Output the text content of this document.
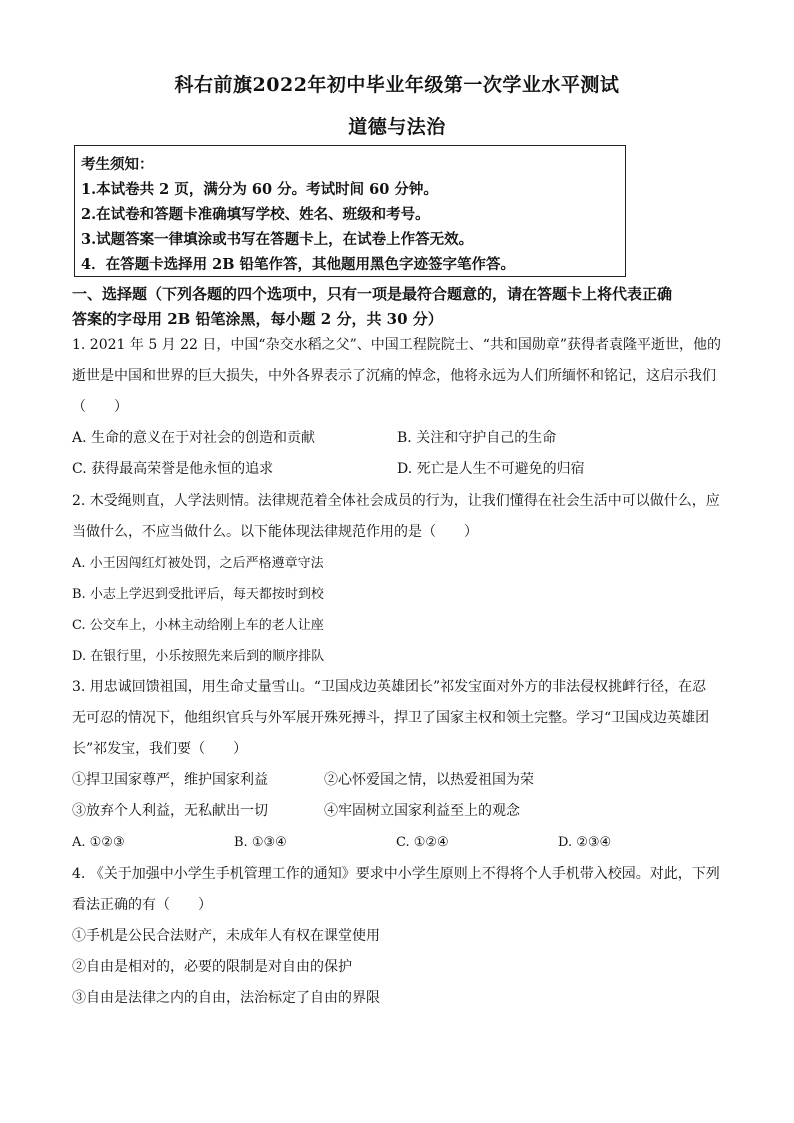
科右前旗2022年初中毕业年级第一次学业水平测试
道德与法治
考生须知：
1.本试卷共 2 页，满分为 60 分。考试时间 60 分钟。
2.在试卷和答题卡准确填写学校、姓名、班级和考号。
3.试题答案一律填涂或书写在答题卡上，在试卷上作答无效。
4．在答题卡选择用 2B 铅笔作答，其他题用黑色字迹签字笔作答。
一、选择题（下列各题的四个选项中，只有一项是最符合题意的，请在答题卡上将代表正确
答案的字母用 2B 铅笔涂黑，每小题 2 分，共 30 分）
1. 2021 年 5 月 22 日，中国“杂交水稻之父”、中国工程院院士、“共和国勋章”获得者袁隆平逝世，他的
逝世是中国和世界的巨大损失，中外各界表示了沉痛的悼念，他将永远为人们所缅怀和铭记，这启示我们
（　　）
A. 生命的意义在于对社会的创造和贡献	B. 关注和守护自己的生命
C. 获得最高荣誉是他永恒的追求	D. 死亡是人生不可避免的归宿
2. 木受绳则直，人学法则情。法律规范着全体社会成员的行为，让我们懂得在社会生活中可以做什么，应
当做什么，不应当做什么。以下能体现法律规范作用的是（　　）
A. 小王因闯红灯被处罚，之后严格遵章守法
B. 小志上学迟到受批评后，每天都按时到校
C. 公交车上，小林主动给刚上车的老人让座
D. 在银行里，小乐按照先来后到的顺序排队
3. 用忠诚回馈祖国，用生命丈量雪山。“卫国戍边英雄团长”祁发宝面对外方的非法侵权挑衅行径，在忍
无可忍的情况下，他组织官兵与外军展开殊死搏斗，捍卫了国家主权和领土完整。学习“卫国戍边英雄团
长”祁发宝，我们要（　　）
①捍卫国家尊严，维护国家利益	②心怀爱国之情，以热爱祖国为荣
③放弃个人利益，无私献出一切	④牢固树立国家利益至上的观念
A. ①②③	B. ①③④	C. ①②④	D. ②③④
4. 《关于加强中小学生手机管理工作的通知》要求中小学生原则上不得将个人手机带入校园。对此，下列
看法正确的有（　　）
①手机是公民合法财产，未成年人有权在课堂使用
②自由是相对的，必要的限制是对自由的保护
③自由是法律之内的自由，法治标定了自由的界限
